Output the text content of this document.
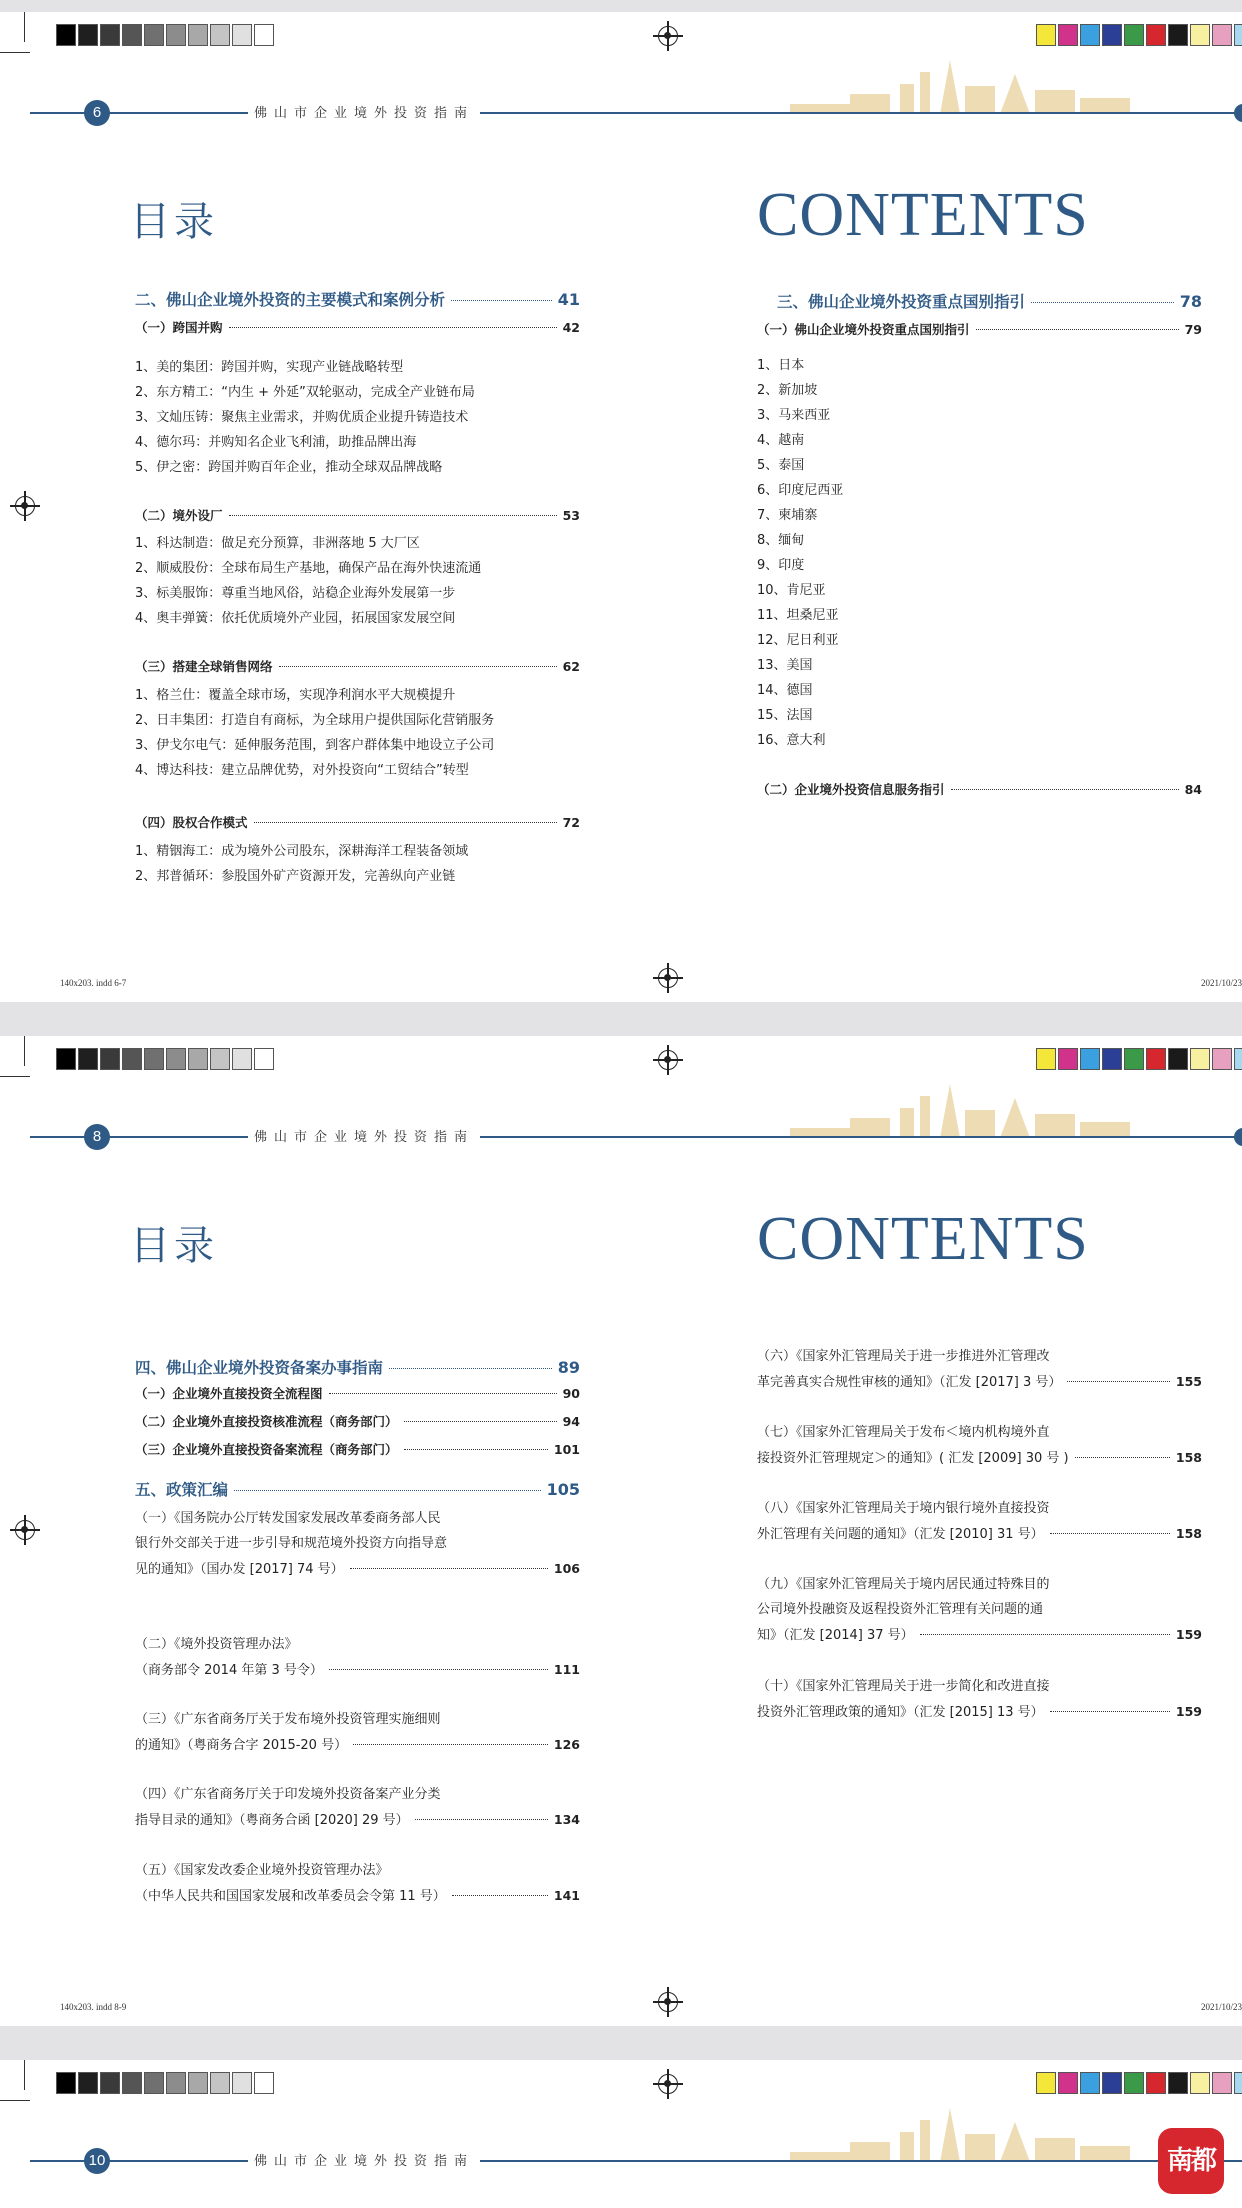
6	佛山市企业境外投资指南
目录	CONTENTS
二、佛山企业境外投资的主要模式和案例分析	41
（一）跨国并购	42
1、美的集团：跨国并购，实现产业链战略转型
2、东方精工：“内生 + 外延”双轮驱动，完成全产业链布局
3、文灿压铸：聚焦主业需求，并购优质企业提升铸造技术
4、德尔玛：并购知名企业飞利浦，助推品牌出海
5、伊之密：跨国并购百年企业，推动全球双品牌战略
（二）境外设厂	53
1、科达制造：做足充分预算，非洲落地 5 大厂区
2、顺威股份：全球布局生产基地，确保产品在海外快速流通
3、标美服饰：尊重当地风俗，站稳企业海外发展第一步
4、奥丰弹簧：依托优质境外产业园，拓展国家发展空间
（三）搭建全球销售网络	62
1、格兰仕：覆盖全球市场，实现净利润水平大规模提升
2、日丰集团：打造自有商标，为全球用户提供国际化营销服务
3、伊戈尔电气：延伸服务范围，到客户群体集中地设立子公司
4、博达科技：建立品牌优势，对外投资向“工贸结合”转型
（四）股权合作模式	72
1、精铟海工：成为境外公司股东，深耕海洋工程装备领域
2、邦普循环：参股国外矿产资源开发，完善纵向产业链
三、佛山企业境外投资重点国别指引	78
（一）佛山企业境外投资重点国别指引	79
1、日本
2、新加坡
3、马来西亚
4、越南
5、泰国
6、印度尼西亚
7、柬埔寨
8、缅甸
9、印度
10、肯尼亚
11、坦桑尼亚
12、尼日利亚
13、美国
14、德国
15、法国
16、意大利
（二）企业境外投资信息服务指引	84
140x203. indd 6-7	2021/10/23
8	佛山市企业境外投资指南
目录	CONTENTS
四、佛山企业境外投资备案办事指南	89
（一）企业境外直接投资全流程图	90
（二）企业境外直接投资核准流程（商务部门）	94
（三）企业境外直接投资备案流程（商务部门）	101
五、政策汇编	105
（一）《国务院办公厅转发国家发展改革委商务部人民
银行外交部关于进一步引导和规范境外投资方向指导意
见的通知》（国办发 [2017] 74 号）	106
（二）《境外投资管理办法》
（商务部令 2014 年第 3 号令）	111
（三）《广东省商务厅关于发布境外投资管理实施细则
的通知》（粤商务合字 2015-20 号）	126
（四）《广东省商务厅关于印发境外投资备案产业分类
指导目录的通知》（粤商务合函 [2020] 29 号）	134
（五）《国家发改委企业境外投资管理办法》
（中华人民共和国国家发展和改革委员会令第 11 号）	141
（六）《国家外汇管理局关于进一步推进外汇管理改
革完善真实合规性审核的通知》（汇发 [2017] 3 号）	155
（七）《国家外汇管理局关于发布＜境内机构境外直
接投资外汇管理规定＞的通知》( 汇发 [2009] 30 号 )	158
（八）《国家外汇管理局关于境内银行境外直接投资
外汇管理有关问题的通知》（汇发 [2010] 31 号）	158
（九）《国家外汇管理局关于境内居民通过特殊目的
公司境外投融资及返程投资外汇管理有关问题的通
知》（汇发 [2014] 37 号）	159
（十）《国家外汇管理局关于进一步简化和改进直接
投资外汇管理政策的通知》（汇发 [2015] 13 号）	159
140x203. indd 8-9	2021/10/23
10	佛山市企业境外投资指南	南都
